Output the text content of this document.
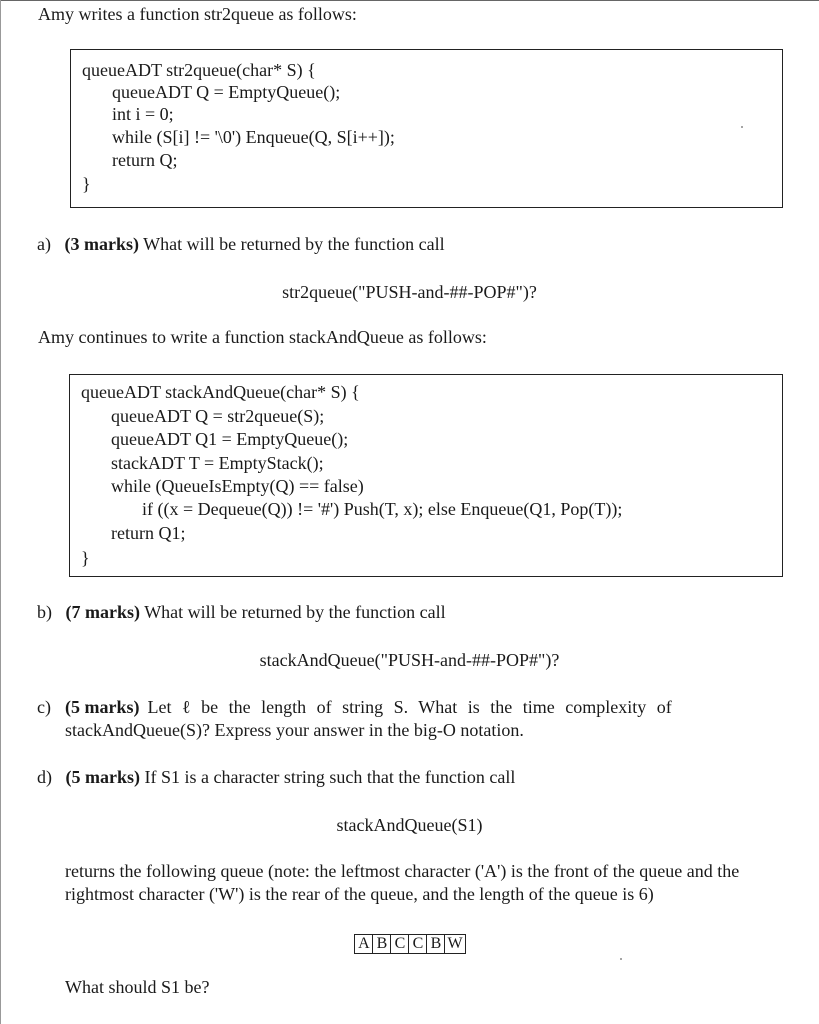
Amy writes a function str2queue as follows:
queueADT str2queue(char* S) {
queueADT Q = EmptyQueue();
int i = 0;
while (S[i] != '\0') Enqueue(Q, S[i++]);
return Q;
}
a) (3 marks) What will be returned by the function call
str2queue("PUSH-and-##-POP#")?
Amy continues to write a function stackAndQueue as follows:
queueADT stackAndQueue(char* S) {
queueADT Q = str2queue(S);
queueADT Q1 = EmptyQueue();
stackADT T = EmptyStack();
while (QueueIsEmpty(Q) == false)
if ((x = Dequeue(Q)) != '#') Push(T, x); else Enqueue(Q1, Pop(T));
return Q1;
}
b) (7 marks) What will be returned by the function call
stackAndQueue("PUSH-and-##-POP#")?
c) (5 marks) Let ℓ be the length of string S. What is the time complexity of
stackAndQueue(S)? Express your answer in the big-O notation.
d) (5 marks) If S1 is a character string such that the function call
stackAndQueue(S1)
returns the following queue (note: the leftmost character ('A') is the front of the queue and the
rightmost character ('W') is the rear of the queue, and the length of the queue is 6)
A B C C B W
What should S1 be?
